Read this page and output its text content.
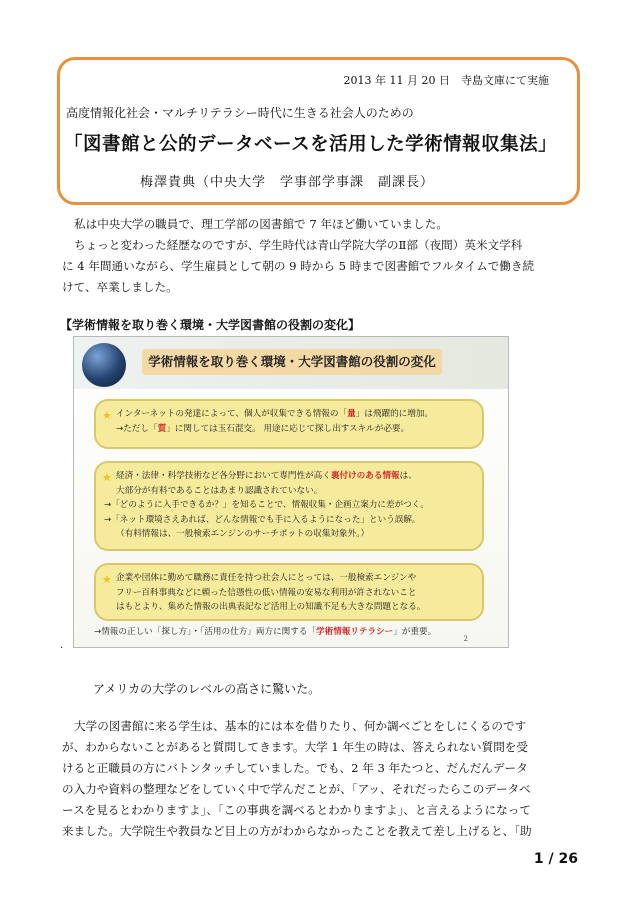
2013 年 11 月 20 日　寺島文庫にて実施
高度情報化社会・マルチリテラシー時代に生きる社会人のための
「図書館と公的データベースを活用した学術情報収集法」
梅澤貴典（中央大学　学事部学事課　副課長）
私は中央大学の職員で、理工学部の図書館で 7 年ほど働いていました。
ちょっと変わった経歴なのですが、学生時代は青山学院大学のⅡ部（夜間）英米文学科
に 4 年間通いながら、学生雇員として朝の 9 時から 5 時まで図書館でフルタイムで働き続
けて、卒業しました。
【学術情報を取り巻く環境・大学図書館の役割の変化】
学術情報を取り巻く環境・大学図書館の役割の変化
★ インターネットの発達によって、個人が収集できる情報の「量」は飛躍的に増加。
→ただし「質」に関しては玉石混交。 用途に応じて探し出すスキルが必要。
★ 経済・法律・科学技術など各分野において専門性が高く裏付けのある情報は、
大部分が有料であることはあまり認識されていない。
→「どのように入手できるか？」を知ることで、情報収集・企画立案力に差がつく。
→「ネット環境さえあれば、どんな情報でも手に入るようになった」という誤解。
（有料情報は、一般検索エンジンのサーチボットの収集対象外。）
★ 企業や団体に勤めて職務に責任を持つ社会人にとっては、一般検索エンジンや
フリー百科事典などに頼った信憑性の低い情報の安易な利用が許されないこと
はもとより、集めた情報の出典表記など活用上の知識不足も大きな問題となる。
→情報の正しい「探し方」・「活用の仕方」両方に関する「学術情報リテラシー」が重要。
2
.
アメリカの大学のレベルの高さに驚いた。
大学の図書館に来る学生は、基本的には本を借りたり、何か調べごとをしにくるのです
が、わからないことがあると質問してきます。大学 1 年生の時は、答えられない質問を受
けると正職員の方にバトンタッチしていました。でも、2 年 3 年たつと、だんだんデータ
の入力や資料の整理などをしていく中で学んだことが、「アッ、それだったらこのデータベ
ースを見るとわかりますよ」、「この事典を調べるとわかりますよ」、と言えるようになって
来ました。大学院生や教員など目上の方がわからなかったことを教えて差し上げると、「助
1 / 26
